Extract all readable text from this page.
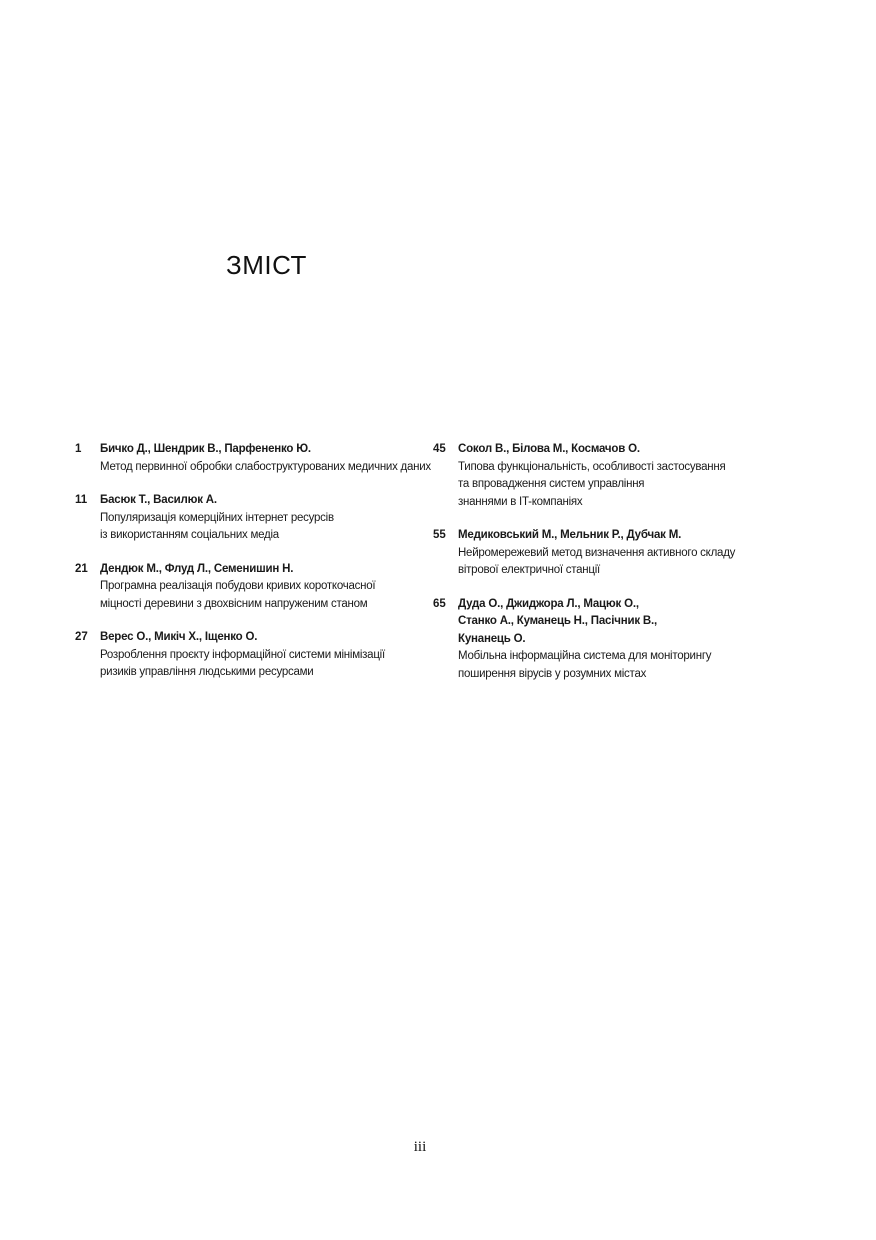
ЗМІСТ
1	Бичко Д., Шендрик В., Парфененко Ю.
Метод первинної обробки слабоструктурованих медичних даних
11	Басюк Т., Василюк А.
Популяризація комерційних інтернет ресурсів
із використанням соціальних медіа
21	Дендюк М., Флуд Л., Семенишин Н.
Програмна реалізація побудови кривих короткочасної
міцності деревини з двохвісним напруженим станом
27	Верес О., Микіч Х., Іщенко О.
Розроблення проєкту інформаційної системи мінімізації
ризиків управління людськими ресурсами
45	Сокол В., Білова М., Космачов О.
Типова функціональність, особливості застосування
та впровадження систем управління
знаннями в IT-компаніях
55	Медиковський М., Мельник Р., Дубчак М.
Нейромережевий метод визначення активного складу
вітрової електричної станції
65	Дуда О., Джиджора Л., Мацюк О.,
Станко А., Куманець Н., Пасічник В.,
Кунанець О.
Мобільна інформаційна система для моніторингу
поширення вірусів у розумних містах
iii
